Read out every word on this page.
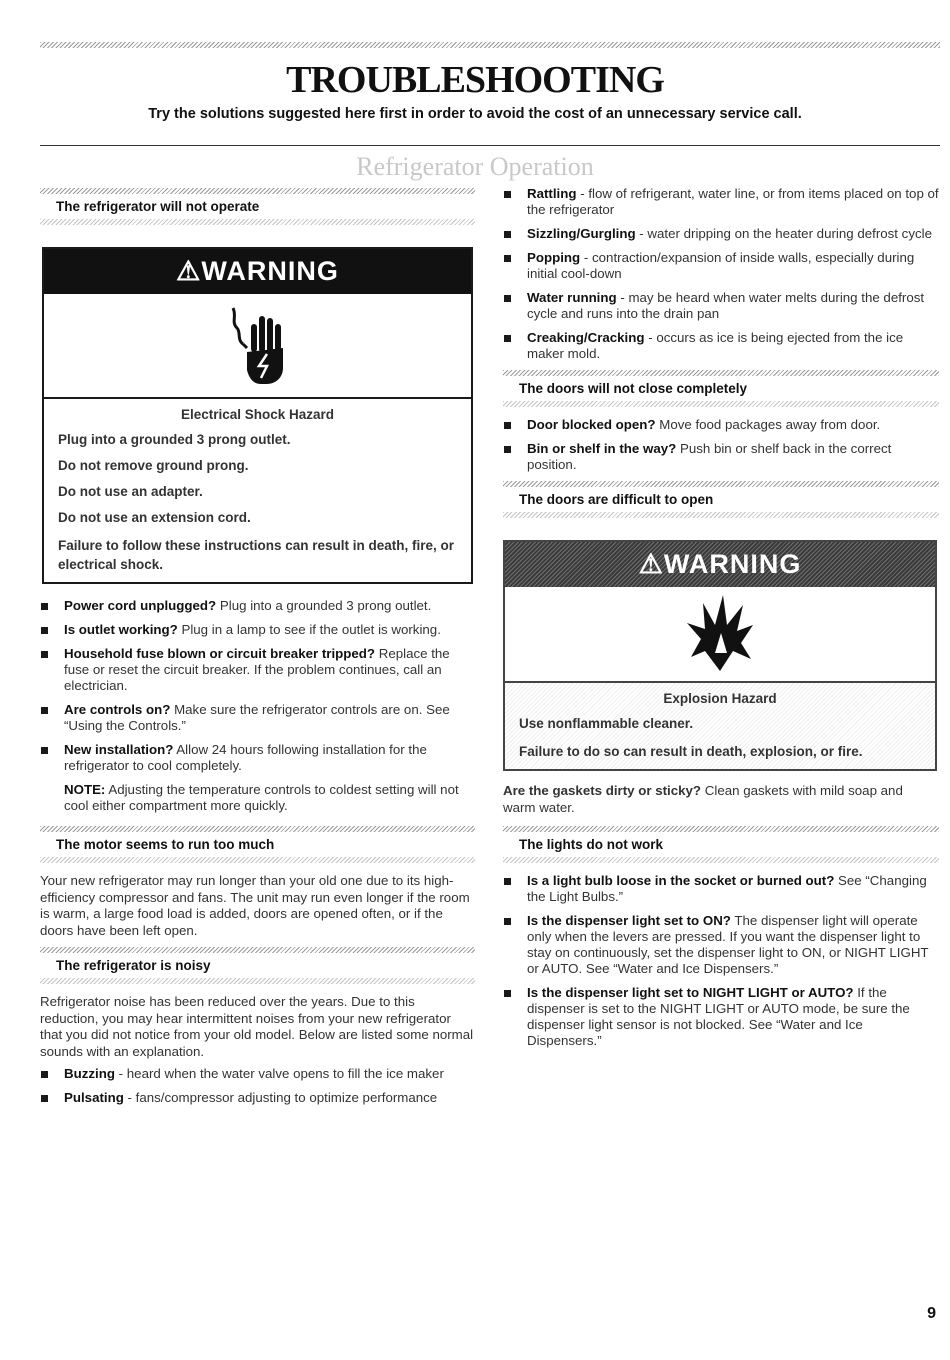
TROUBLESHOOTING
Try the solutions suggested here first in order to avoid the cost of an unnecessary service call.
Refrigerator Operation
The refrigerator will not operate
⚠WARNING
Electrical Shock Hazard
Plug into a grounded 3 prong outlet.
Do not remove ground prong.
Do not use an adapter.
Do not use an extension cord.
Failure to follow these instructions can result in death, fire, or electrical shock.
Power cord unplugged? Plug into a grounded 3 prong outlet.
Is outlet working? Plug in a lamp to see if the outlet is working.
Household fuse blown or circuit breaker tripped? Replace the fuse or reset the circuit breaker. If the problem continues, call an electrician.
Are controls on? Make sure the refrigerator controls are on. See “Using the Controls.”
New installation? Allow 24 hours following installation for the refrigerator to cool completely.

NOTE: Adjusting the temperature controls to coldest setting will not cool either compartment more quickly.

The motor seems to run too much

Your new refrigerator may run longer than your old one due to its high-efficiency compressor and fans. The unit may run even longer if the room is warm, a large food load is added, doors are opened often, or if the doors have been left open.

The refrigerator is noisy

Refrigerator noise has been reduced over the years. Due to this reduction, you may hear intermittent noises from your new refrigerator that you did not notice from your old model. Below are listed some normal sounds with an explanation.

Buzzing - heard when the water valve opens to fill the ice maker
Pulsating - fans/compressor adjusting to optimize performance
Rattling - flow of refrigerant, water line, or from items placed on top of the refrigerator
Sizzling/Gurgling - water dripping on the heater during defrost cycle
Popping - contraction/expansion of inside walls, especially during initial cool-down
Water running - may be heard when water melts during the defrost cycle and runs into the drain pan
Creaking/Cracking - occurs as ice is being ejected from the ice maker mold.
The doors will not close completely
Door blocked open? Move food packages away from door.
Bin or shelf in the way? Push bin or shelf back in the correct position.
The doors are difficult to open
⚠WARNING
Explosion Hazard
Use nonflammable cleaner.
Failure to do so can result in death, explosion, or fire.

Are the gaskets dirty or sticky? Clean gaskets with mild soap and warm water.

The lights do not work
Is a light bulb loose in the socket or burned out? See “Changing the Light Bulbs.”
Is the dispenser light set to ON? The dispenser light will operate only when the levers are pressed. If you want the dispenser light to stay on continuously, set the dispenser light to ON, or NIGHT LIGHT or AUTO. See “Water and Ice Dispensers.”
Is the dispenser light set to NIGHT LIGHT or AUTO? If the dispenser is set to the NIGHT LIGHT or AUTO mode, be sure the dispenser light sensor is not blocked. See “Water and Ice Dispensers.”
9
